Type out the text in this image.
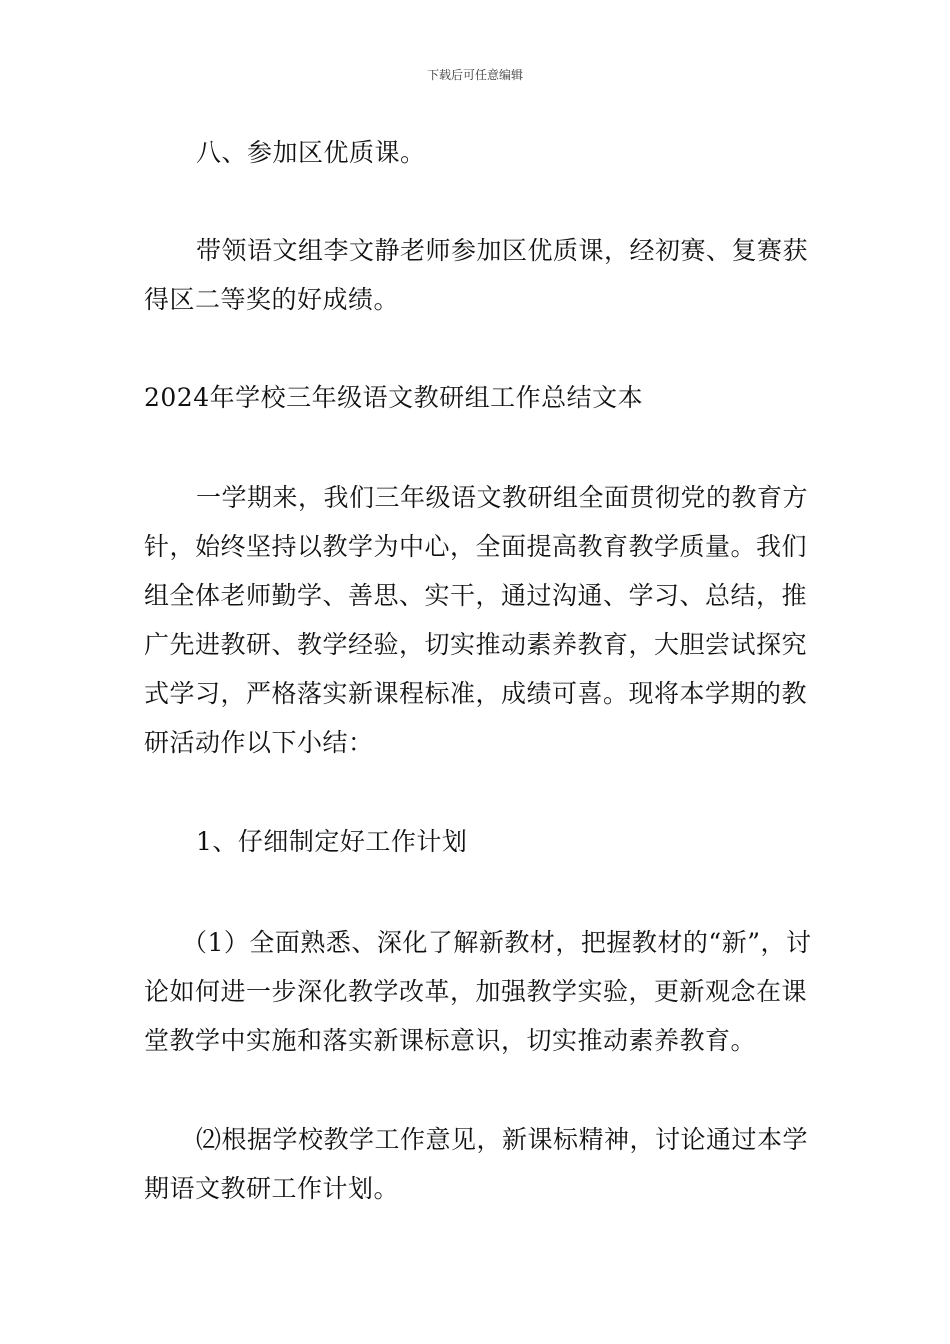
下载后可任意编辑

八、参加区优质课。

带领语文组李文静老师参加区优质课，经初赛、复赛获得区二等奖的好成绩。

2024年学校三年级语文教研组工作总结文本

一学期来，我们三年级语文教研组全面贯彻党的教育方针，始终坚持以教学为中心，全面提高教育教学质量。我们组全体老师勤学、善思、实干，通过沟通、学习、总结，推广先进教研、教学经验，切实推动素养教育，大胆尝试探究式学习，严格落实新课程标准，成绩可喜。现将本学期的教研活动作以下小结：

1、仔细制定好工作计划

（1）全面熟悉、深化了解新教材，把握教材的“新”，讨论如何进一步深化教学改革，加强教学实验，更新观念在课堂教学中实施和落实新课标意识，切实推动素养教育。

⑵根据学校教学工作意见，新课标精神，讨论通过本学期语文教研工作计划。
